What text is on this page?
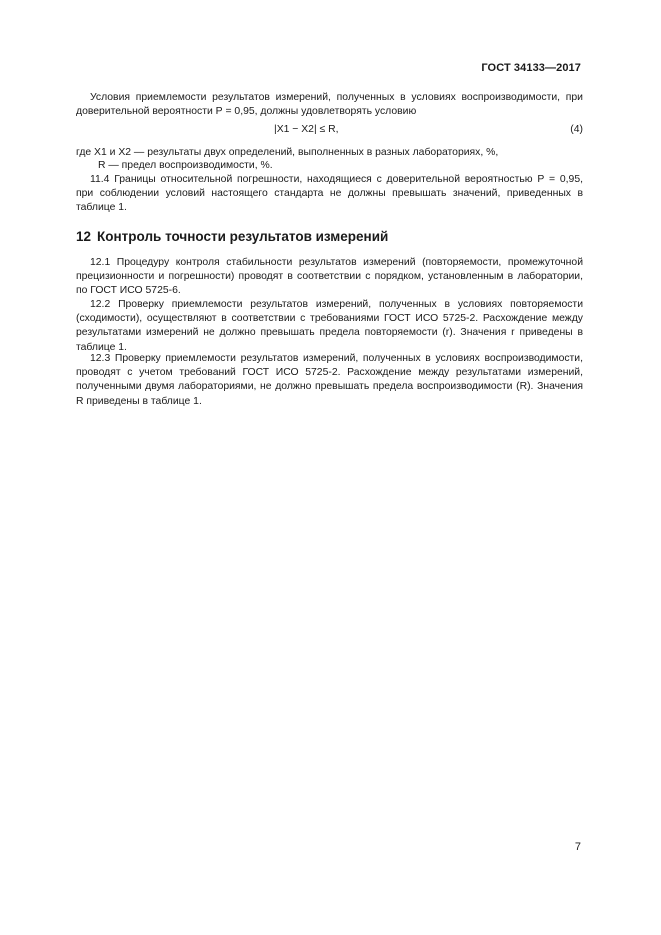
ГОСТ 34133—2017
Условия приемлемости результатов измерений, полученных в условиях воспроизводимости, при доверительной вероятности Р = 0,95, должны удовлетворять условию
|X1 − X2| ≤ R,	(4)
где X1 и X2 — результаты двух определений, выполненных в разных лабораториях, %,
R — предел воспроизводимости, %.
11.4 Границы относительной погрешности, находящиеся с доверительной вероятностью Р = 0,95, при соблюдении условий настоящего стандарта не должны превышать значений, приведенных в таблице 1.
12 Контроль точности результатов измерений
12.1 Процедуру контроля стабильности результатов измерений (повторяемости, промежуточной прецизионности и погрешности) проводят в соответствии с порядком, установленным в лаборатории, по ГОСТ ИСО 5725-6.
12.2 Проверку приемлемости результатов измерений, полученных в условиях повторяемости (сходимости), осуществляют в соответствии с требованиями ГОСТ ИСО 5725-2. Расхождение между результатами измерений не должно превышать предела повторяемости (r). Значения r приведены в таблице 1.
12.3 Проверку приемлемости результатов измерений, полученных в условиях воспроизводимости, проводят с учетом требований ГОСТ ИСО 5725-2. Расхождение между результатами измерений, полученными двумя лабораториями, не должно превышать предела воспроизводимости (R). Значения R приведены в таблице 1.
7
